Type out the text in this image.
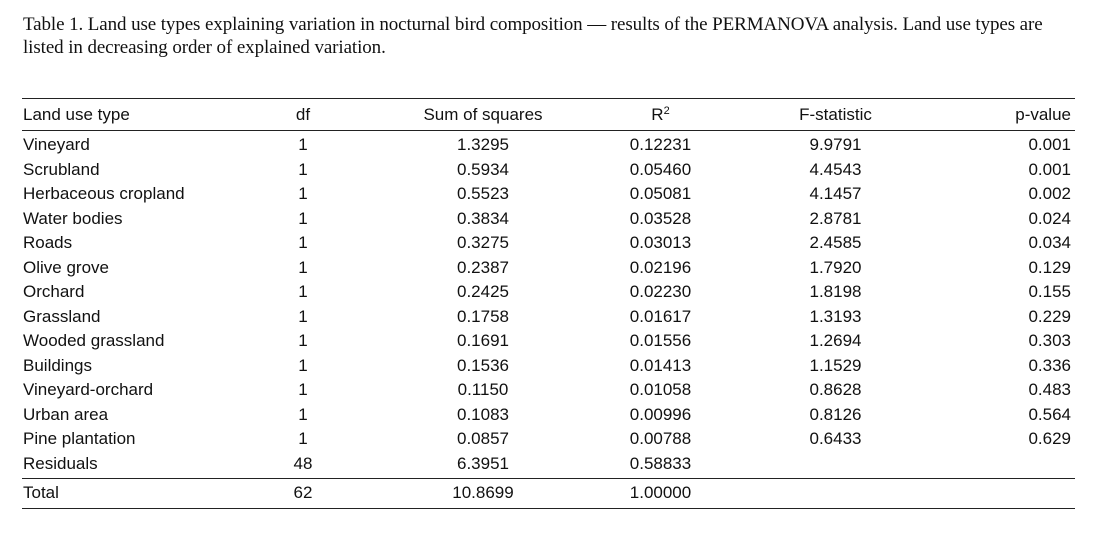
Table 1. Land use types explaining variation in nocturnal bird composition — results of the PERMANOVA analysis. Land use types are listed in decreasing order of explained variation.
Land use type	df	Sum of squares	$R^2$	F-statistic	p-value
Vineyard	1	1.3295	0.12231	9.9791	0.001
Scrubland	1	0.5934	0.05460	4.4543	0.001
Herbaceous cropland	1	0.5523	0.05081	4.1457	0.002
Water bodies	1	0.3834	0.03528	2.8781	0.024
Roads	1	0.3275	0.03013	2.4585	0.034
Olive grove	1	0.2387	0.02196	1.7920	0.129
Orchard	1	0.2425	0.02230	1.8198	0.155
Grassland	1	0.1758	0.01617	1.3193	0.229
Wooded grassland	1	0.1691	0.01556	1.2694	0.303
Buildings	1	0.1536	0.01413	1.1529	0.336
Vineyard-orchard	1	0.1150	0.01058	0.8628	0.483
Urban area	1	0.1083	0.00996	0.8126	0.564
Pine plantation	1	0.0857	0.00788	0.6433	0.629
Residuals	48	6.3951	0.58833		
Total	62	10.8699	1.00000		
